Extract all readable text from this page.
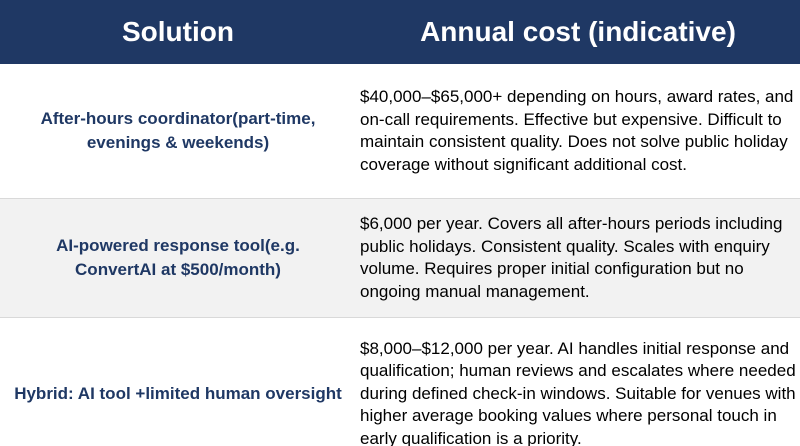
Solution	Annual cost (indicative)
After-hours coordinator(part-time, evenings & weekends)	$40,000–$65,000+ depending on hours, award rates, and on-call requirements. Effective but expensive. Difficult to maintain consistent quality. Does not solve public holiday coverage without significant additional cost.
AI-powered response tool(e.g. ConvertAI at $500/month)	$6,000 per year. Covers all after-hours periods including public holidays. Consistent quality. Scales with enquiry volume. Requires proper initial configuration but no ongoing manual management.
Hybrid: AI tool +limited human oversight	$8,000–$12,000 per year. AI handles initial response and qualification; human reviews and escalates where needed during defined check-in windows. Suitable for venues with higher average booking values where personal touch in early qualification is a priority.
